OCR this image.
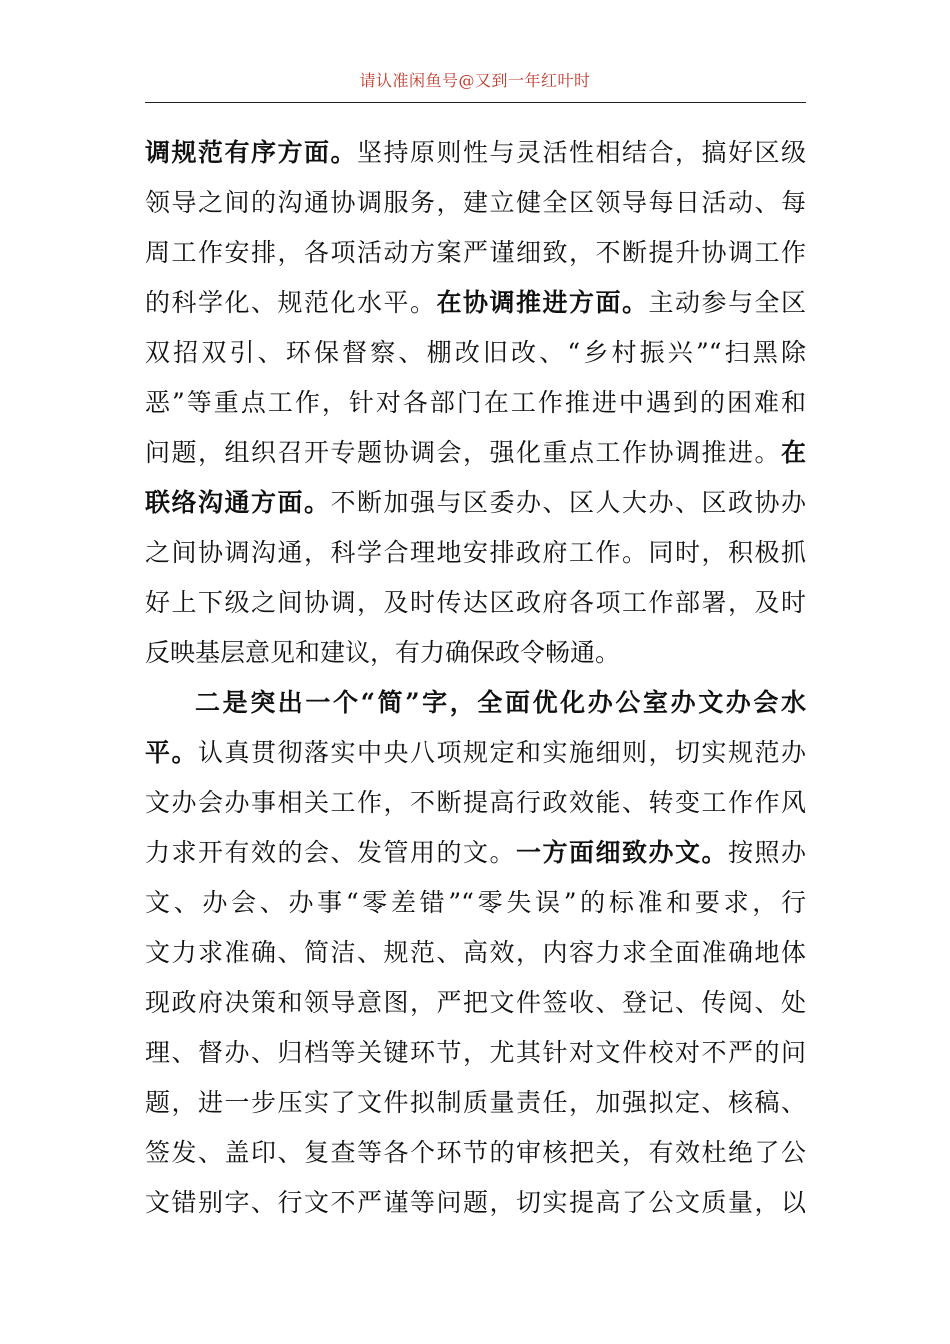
请认准闲鱼号@又到一年红叶时
调规范有序方面。坚持原则性与灵活性相结合，搞好区级
领导之间的沟通协调服务，建立健全区领导每日活动、每
周工作安排，各项活动方案严谨细致，不断提升协调工作
的科学化、规范化水平。在协调推进方面。主动参与全区
双招双引、环保督察、棚改旧改、“乡村振兴”“扫黑除
恶”等重点工作，针对各部门在工作推进中遇到的困难和
问题，组织召开专题协调会，强化重点工作协调推进。在
联络沟通方面。不断加强与区委办、区人大办、区政协办
之间协调沟通，科学合理地安排政府工作。同时，积极抓
好上下级之间协调，及时传达区政府各项工作部署，及时
反映基层意见和建议，有力确保政令畅通。
二是突出一个“简”字，全面优化办公室办文办会水
平。认真贯彻落实中央八项规定和实施细则，切实规范办
文办会办事相关工作，不断提高行政效能、转变工作作风
力求开有效的会、发管用的文。一方面细致办文。按照办
文、办会、办事“零差错”“零失误”的标准和要求，行
文力求准确、简洁、规范、高效，内容力求全面准确地体
现政府决策和领导意图，严把文件签收、登记、传阅、处
理、督办、归档等关键环节，尤其针对文件校对不严的问
题，进一步压实了文件拟制质量责任，加强拟定、核稿、
签发、盖印、复查等各个环节的审核把关，有效杜绝了公
文错别字、行文不严谨等问题，切实提高了公文质量，以
